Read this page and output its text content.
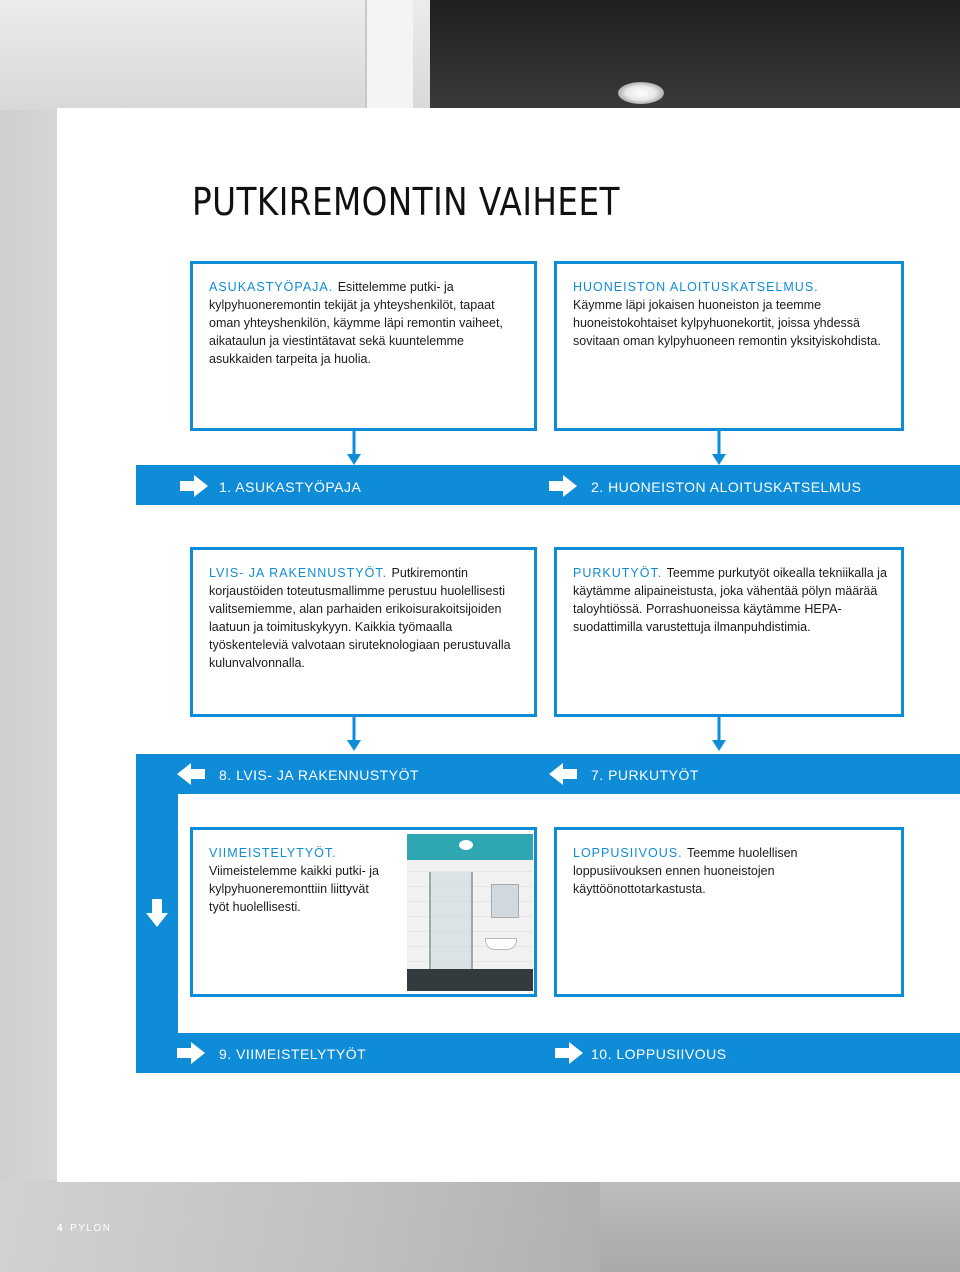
PUTKIREMONTIN VAIHEET
ASUKASTYÖPAJA. Esittelemme putki- ja kylpyhuoneremontin tekijät ja yhteyshenkilöt, tapaat oman yhteyshenkilön, käymme läpi remontin vaiheet, aikataulun ja viestintätavat sekä kuuntelemme asukkaiden tarpeita ja huolia.
HUONEISTON ALOITUSKATSELMUS.
Käymme läpi jokaisen huoneiston ja teemme huoneistokohtaiset kylpyhuonekortit, joissa yhdessä sovitaan oman kylpyhuoneen remontin yksityiskohdista.
1. ASUKASTYÖPAJA	2. HUONEISTON ALOITUSKATSELMUS
LVIS- JA RAKENNUSTYÖT. Putkiremontin korjaustöiden toteutusmallimme perustuu huolellisesti valitsemiemme, alan parhaiden erikoisurakoitsijoiden laatuun ja toimituskykyyn. Kaikkia työmaalla työskenteleviä valvotaan siruteknologiaan perustuvalla kulunvalvonnalla.
PURKUTYÖT. Teemme purkutyöt oikealla tekniikalla ja käytämme alipaineistusta, joka vähentää pölyn määrää taloyhtiössä. Porrashuoneissa käytämme HEPA-suodattimilla varustettuja ilmanpuhdistimia.
8. LVIS- JA RAKENNUSTYÖT	7. PURKUTYÖT
VIIMEISTELYTYÖT.
Viimeistelemme kaikki putki- ja kylpyhuoneremonttiin liittyvät työt huolellisesti.
LOPPUSIIVOUS. Teemme huolellisen loppusiivouksen ennen huoneistojen käyttöönottotarkastusta.
9. VIIMEISTELYTYÖT	10. LOPPUSIIVOUS
4 PYLON
